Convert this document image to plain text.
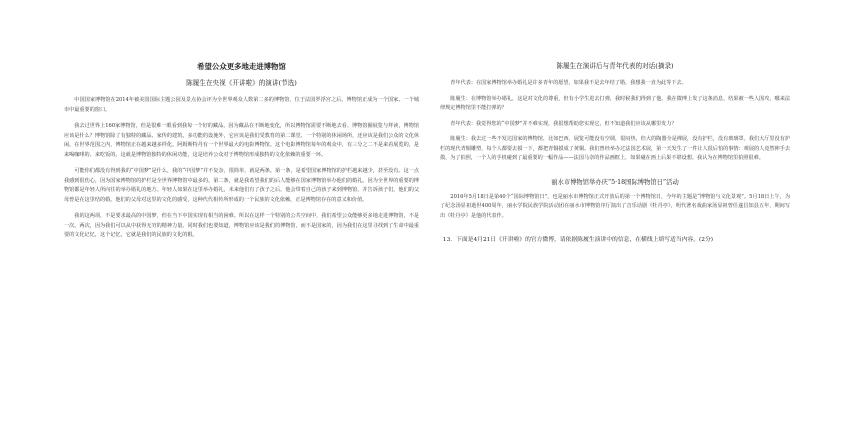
希望公众更多地走进博物馆
陈履生在央视《开讲啦》的演讲(节选)

中国国家博物馆在2014年被美国国际主题公园及景点协会评为全世界观众人数第二多的博物馆，位于法国罗浮宫之后。博物馆正成为一个国家、一个城市中最重要的窗口。

我去过世界上160家博物馆，但是很难一眼看到我每一个好的藏品，因为藏品在不断地变化，所以博物馆需要不断地去看。博物馆圈展览与拜读，博物馆应该是什么？博物馆除了有独特的藏品、家传的建筑、多功能的设施外，它应该是我们受教育的第二课堂、一个特别的休闲场所，还应该是我们公众的文化休闲。在世界范围之内，博物馆正在越来越多样化。阿姆斯特丹有一个世界最大的电影博物馆。这个电影博物馆每年的观众中，有三分之二不是来看展览的，是来喝咖啡的、来吃饭的。这就是博物馆独特的休闲功能，这是培养公众对于博物馆形成独特的文化依赖的重要一环。

可能你们都没有得到我的“中国梦”是什么，我的“中国梦”并不复杂，很简单，就是两条。第一条，是希望国家博物馆的护栏越来越少，甚至没有。这一点我感到很伤心，因为国家博物馆的护栏是全世界博物馆中最多的。第二条，就是我希望我们的后人能够在国家博物馆举办他们的婚礼。因为全世界的重要的博物馆都是年轻人所向往的举办婚礼的地方。年轻人如果在这里举办婚礼，未来他们有了孩子之后，他会带着自己的孩子来到博物馆，并告诉孩子们，他们的父母曾是在这里结的婚。他们的父母对这里的文化的感受，这种代代相传所形成的一个民族的文化依赖，正是博物馆存在的意义和价值。

我的这两项，不是要求最高的中国梦，但在当下中国实现有相当的困难。所以在这样一个特别的公共空间中，我们希望公众能够更多地走进博物馆，不是一次、两次，因为我们可以从中获得无穷的精神力量。同时我们也要知道，博物馆应该是我们的博物馆，而不是国家的，因为我们在这里寻找到了生命中最重要的文化记忆，这个记忆，它就是我们的民族的文化的根。

陈履生在演讲后与青年代表的对话(摘录)

青年代表：在国家博物馆举办婚礼是许多青年的愿望，如果我不是去年结了婚，我想我一直为此等下去。

陈履生：在博物馆举办婚礼，这是对文化的尊重，但有小学生进去打弹，我时候我们得到了他。我在微博上发了这条消息，结果被一些人围攻，哪来法律规定博物馆里不能打弹的？

青年代表：我觉得您的“中国梦”并不难实现，我很想帮助您实现它，但不知道我们应该从哪里发力？

陈履生：我去过一些不发达国家的博物馆，比如巴西，展览可能没有空调，很闷热，但大的陶器全是裸展，没有护栏，没有玻璃罩。我们大厅里没有护栏的现代青铜雕塑，每个人都要去摸一下，都把青铜摸成了黄铜。我们曾经举办过法国艺术展，第一天发生了一件让人很后怕的事情：观展的人竟然伸手去摸，为了拍照，一个人的手机碰到了最重要的一幅作品——法国马奈的作品画框上，如果碰在画上后果不堪设想。我认为在博物馆里拍照很难。

丽水市博物馆举办庆“5·18国际博物馆日”活动

2016年5月18日是第40个“国际博物馆日”，也是丽水市博物馆正式开放后的第一个博物馆日，今年的主题是“博物馆与文化景观”。5月18日上午，为了纪念汤显祖逝世400周年，丽水学院民族学院活动团在丽水市博物馆序厅演出了音乐话剧《牡丹亭》，明代著名戏曲家汤显祖曾任遂昌知县五年，期间写出《牡丹亭》是他的代表作。

13．下面是4月21日《开讲啦》的官方微博，请依据陈履生演讲中的信息，在横线上填写适当内容。(2分)
